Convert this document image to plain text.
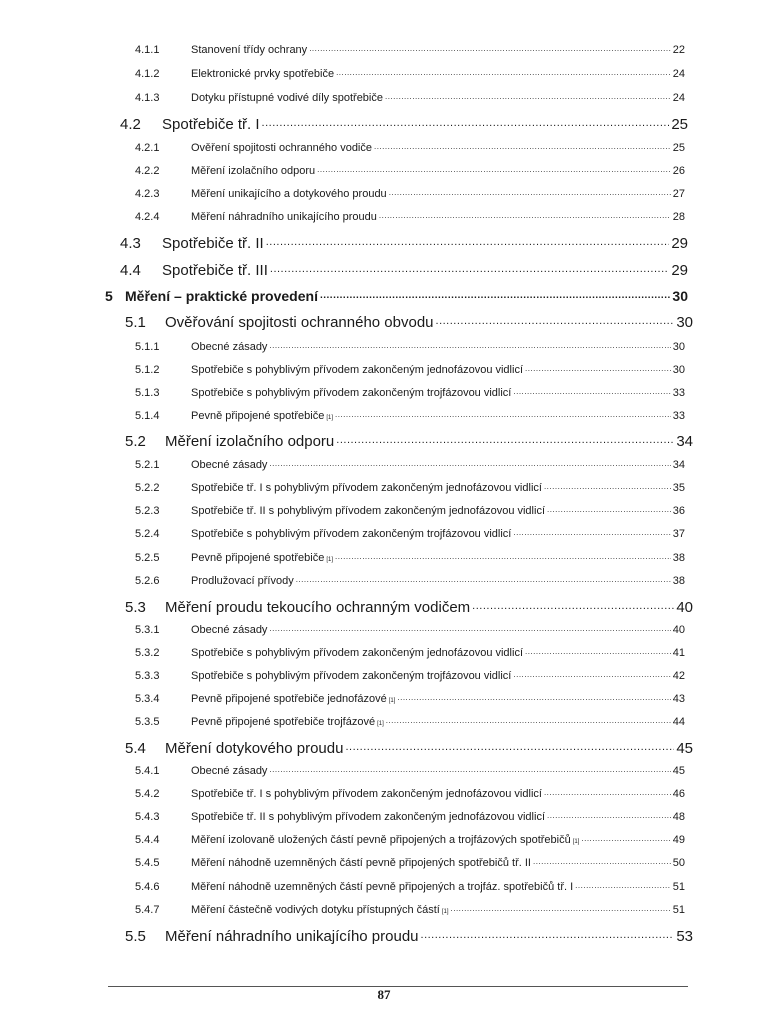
4.1.1	Stanovení třídy ochrany .....	22
4.1.2	Elektronické prvky spotřebiče .....	24
4.1.3	Dotyku přístupné vodivé díly spotřebiče .....	24
4.2	Spotřebiče tř. I .....	25
4.2.1	Ověření spojitosti ochranného vodiče .....	25
4.2.2	Měření izolačního odporu .....	26
4.2.3	Měření unikajícího a dotykového proudu .....	27
4.2.4	Měření náhradního unikajícího proudu .....	28
4.3	Spotřebiče tř. II .....	29
4.4	Spotřebiče tř. III .....	29
5 Měření – praktické provedení .....	30
5.1	Ověřování spojitosti ochranného obvodu .....	30
5.1.1	Obecné zásady .....	30
5.1.2	Spotřebiče s pohyblivým přívodem zakončeným jednofázovou vidlicí .....	30
5.1.3	Spotřebiče s pohyblivým přívodem zakončeným trojfázovou vidlicí .....	33
5.1.4	Pevně připojené spotřebiče [1] .....	33
5.2	Měření izolačního odporu .....	34
5.2.1	Obecné zásady .....	34
5.2.2	Spotřebiče tř. I s pohyblivým přívodem zakončeným jednofázovou vidlicí .....	35
5.2.3	Spotřebiče tř. II s pohyblivým přívodem zakončeným jednofázovou vidlicí .....	36
5.2.4	Spotřebiče s pohyblivým přívodem zakončeným trojfázovou vidlicí .....	37
5.2.5	Pevně připojené spotřebiče [1] .....	38
5.2.6	Prodlužovací přívody .....	38
5.3	Měření proudu tekoucího ochranným vodičem .....	40
5.3.1	Obecné zásady .....	40
5.3.2	Spotřebiče s pohyblivým přívodem zakončeným jednofázovou vidlicí .....	41
5.3.3	Spotřebiče s pohyblivým přívodem zakončeným trojfázovou vidlicí .....	42
5.3.4	Pevně připojené spotřebiče jednofázové [1] .....	43
5.3.5	Pevně připojené spotřebiče trojfázové [1] .....	44
5.4	Měření dotykového proudu .....	45
5.4.1	Obecné zásady .....	45
5.4.2	Spotřebiče tř. I s pohyblivým přívodem zakončeným jednofázovou vidlicí .....	46
5.4.3	Spotřebiče tř. II s pohyblivým přívodem zakončeným jednofázovou vidlicí .....	48
5.4.4	Měření izolovaně uložených částí pevně připojených a trojfázových spotřebičů [1] .....	49
5.4.5	Měření náhodně uzemněných částí pevně připojených spotřebičů tř. II .....	50
5.4.6	Měření náhodně uzemněných částí pevně připojených a trojfáz. spotřebičů tř. I .....	51
5.4.7	Měření částečně vodivých dotyku přístupných částí [1] .....	51
5.5	Měření náhradního unikajícího proudu .....	53
87
